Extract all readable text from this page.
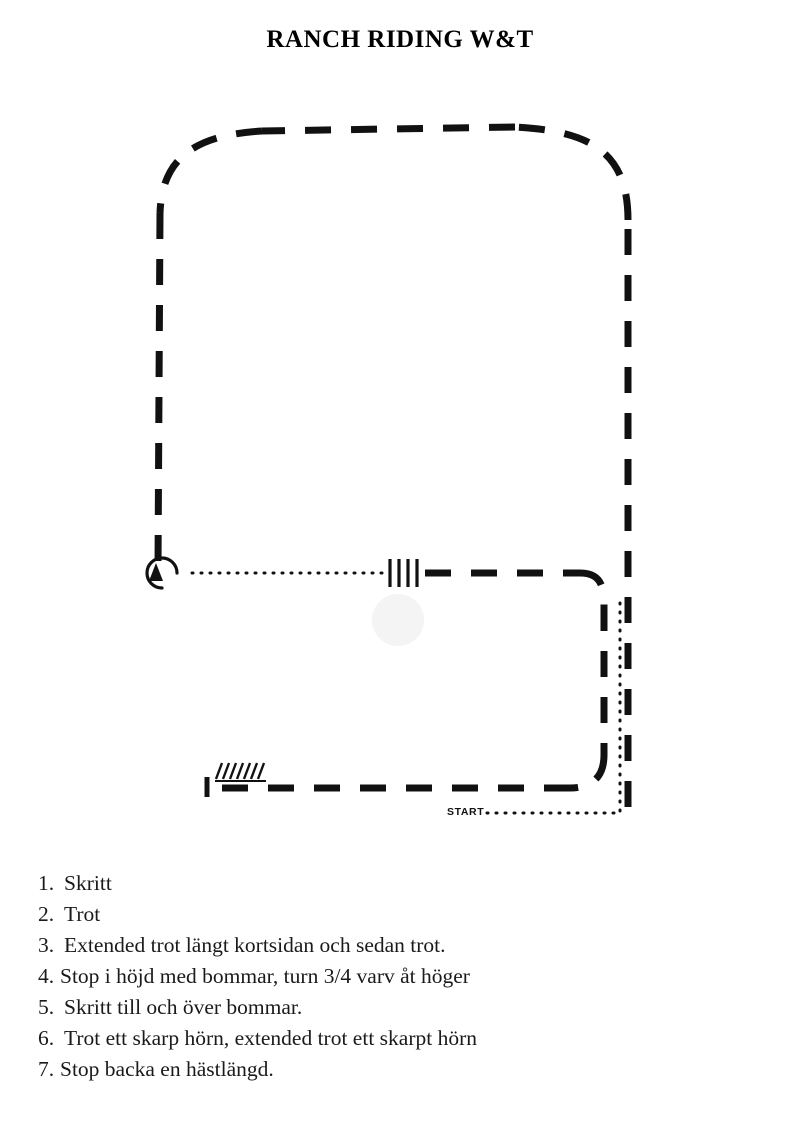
RANCH RIDING W&T
START
1. Skritt
2. Trot
3. Extended trot längt kortsidan och sedan trot.
4. Stop i höjd med bommar, turn 3/4 varv åt höger
5. Skritt till och över bommar.
6. Trot ett skarp hörn, extended trot ett skarpt hörn
7. Stop backa en hästlängd.
